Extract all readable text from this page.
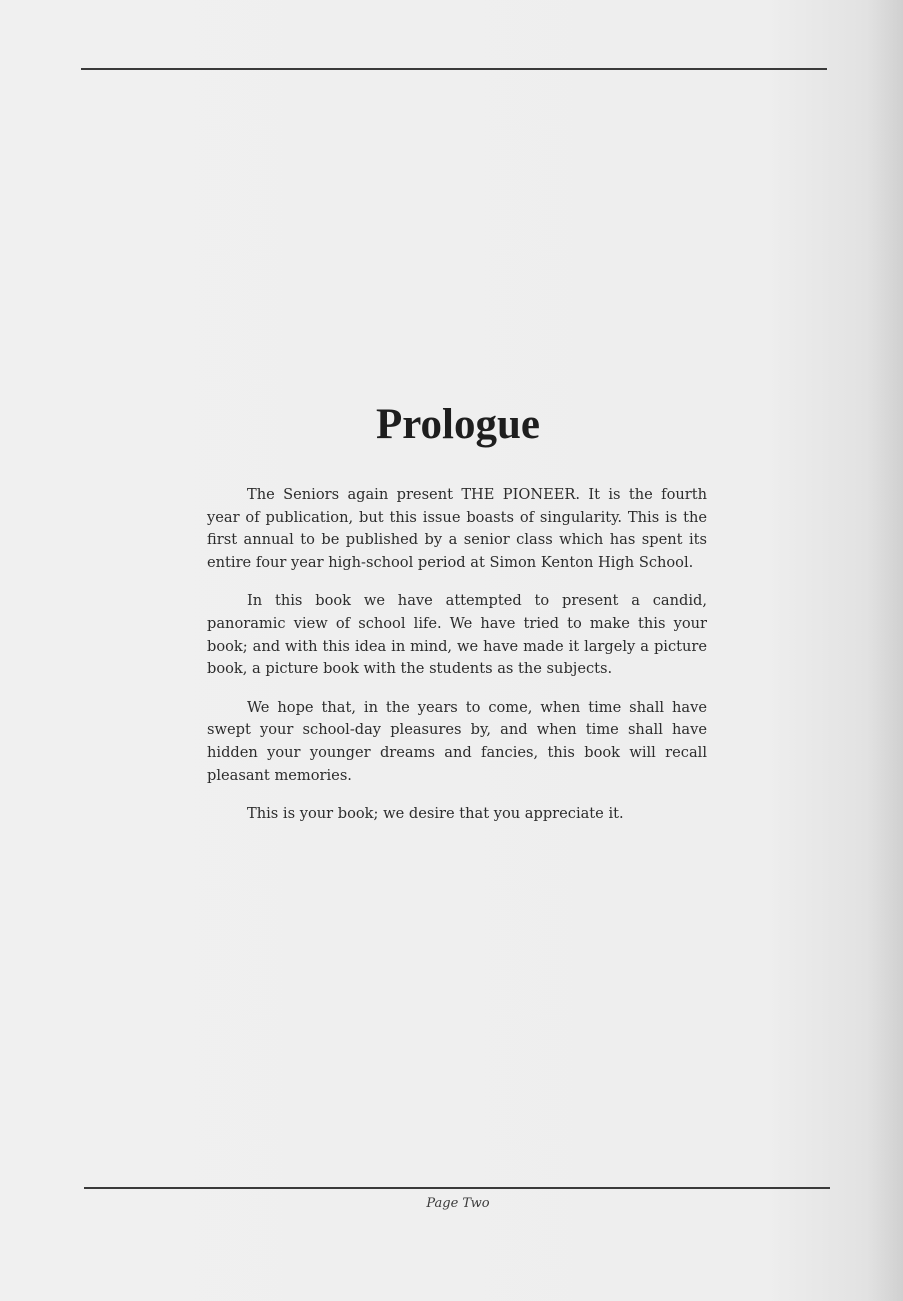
Prologue

The Seniors again present THE PIONEER. It is the fourth year of publication, but this issue boasts of singularity. This is the first annual to be published by a senior class which has spent its entire four year high-school period at Simon Kenton High School.

In this book we have attempted to present a candid, panoramic view of school life. We have tried to make this your book; and with this idea in mind, we have made it largely a picture book, a picture book with the students as the subjects.

We hope that, in the years to come, when time shall have swept your school-day pleasures by, and when time shall have hidden your younger dreams and fancies, this book will recall pleasant memories.

This is your book; we desire that you appreciate it.

Page Two
